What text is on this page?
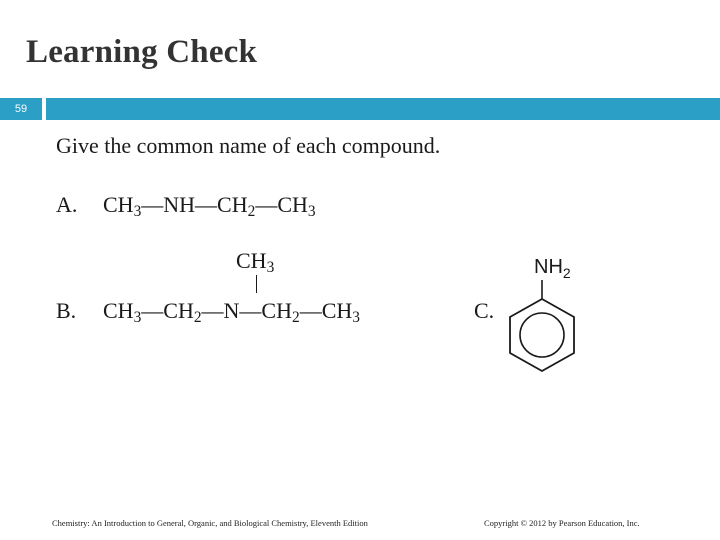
Learning Check
59
Give the common name of each compound.
A. $CH_3—NH—CH_2—CH_3$
$CH_3$
B. $CH_3—CH_2—N—CH_2—CH_3$	C.
$NH_2$
Chemistry: An Introduction to General, Organic, and Biological Chemistry, Eleventh Edition	Copyright © 2012 by Pearson Education, Inc.
